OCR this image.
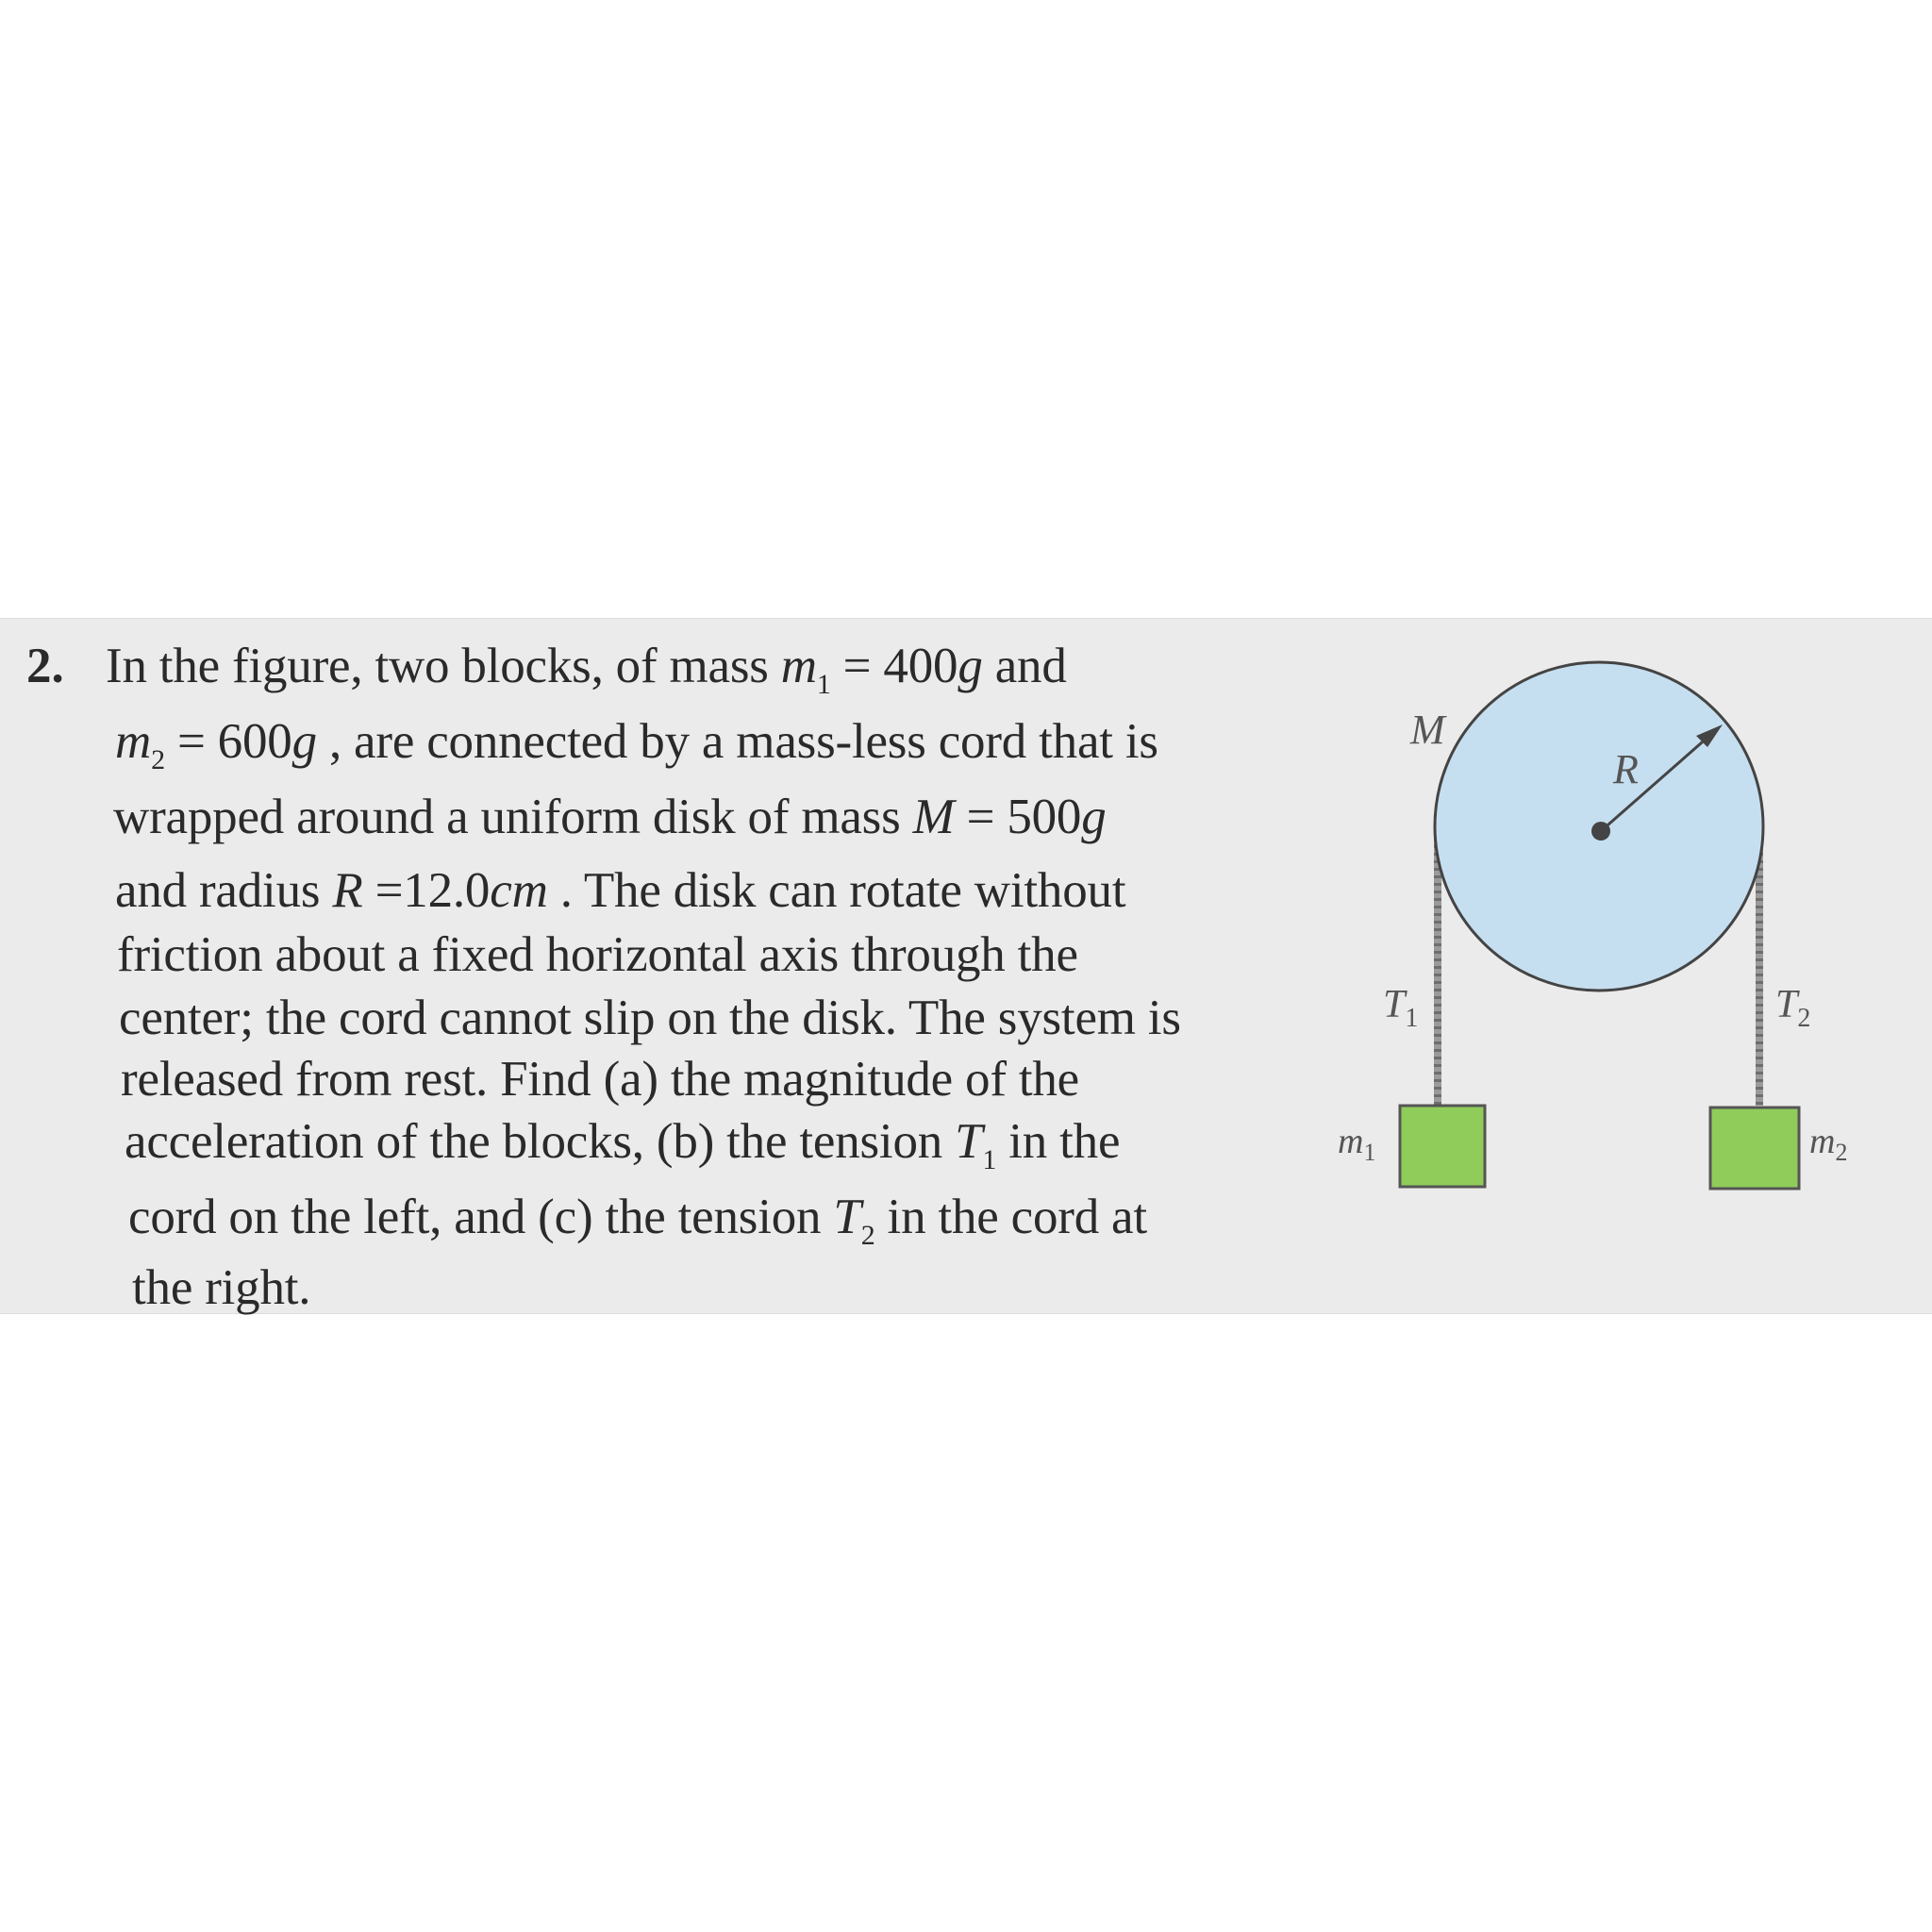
2. In the figure, two blocks, of mass $m_1 = 400g$ and
$m_2 = 600g$ , are connected by a mass-less cord that is
wrapped around a uniform disk of mass M = 500g
and radius R =12.0cm . The disk can rotate without
friction about a fixed horizontal axis through the
center; the cord cannot slip on the disk. The system is
released from rest. Find (a) the magnitude of the
acceleration of the blocks, (b) the tension $T_1$ in the
cord on the left, and (c) the tension $T_2$ in the cord at
the right.
M
R
$T_1$	$T_2$
$m_1$	$m_2$
